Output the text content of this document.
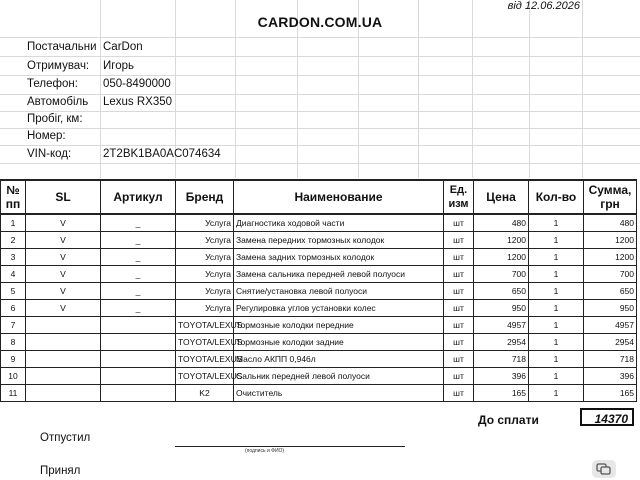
CARDON.COM.UA
від 12.06.2026
Постачальни CarDon
Отримувач: Игорь
Телефон: 050-8490000
Автомобіль Lexus RX350
Пробіг, км:
Номер:
VIN-код:	2T2BK1BA0AC074634
№ пп	SL	Артикул	Бренд	Наименование	Ед. изм	Цена	Кол-во	Сумма, грн
1	V	_	Услуга	Диагностика ходовой части	шт	480	1	480
2	V	_	Услуга	Замена передних тормозных колодок	шт	1200	1	1200
3	V	_	Услуга	Замена задних тормозных колодок	шт	1200	1	1200
4	V	_	Услуга	Замена сальника передней левой полуоси	шт	700	1	700
5	V	_	Услуга	Снятие/установка левой полуоси	шт	650	1	650
6	V	_	Услуга	Регулировка углов установки колес	шт	950	1	950
7			TOYOTA/LEXUS	Тормозные колодки передние	шт	4957	1	4957
8			TOYOTA/LEXUS	Тормозные колодки задние	шт	2954	1	2954
9			TOYOTA/LEXUS	Масло АКПП 0,946л	шт	718	1	718
10			TOYOTA/LEXUS	Сальник передней левой полуоси	шт	396	1	396
11			K2	Очиститель	шт	165	1	165
До сплати	14370
Отпустил
(подпись и ФИО)
Принял
